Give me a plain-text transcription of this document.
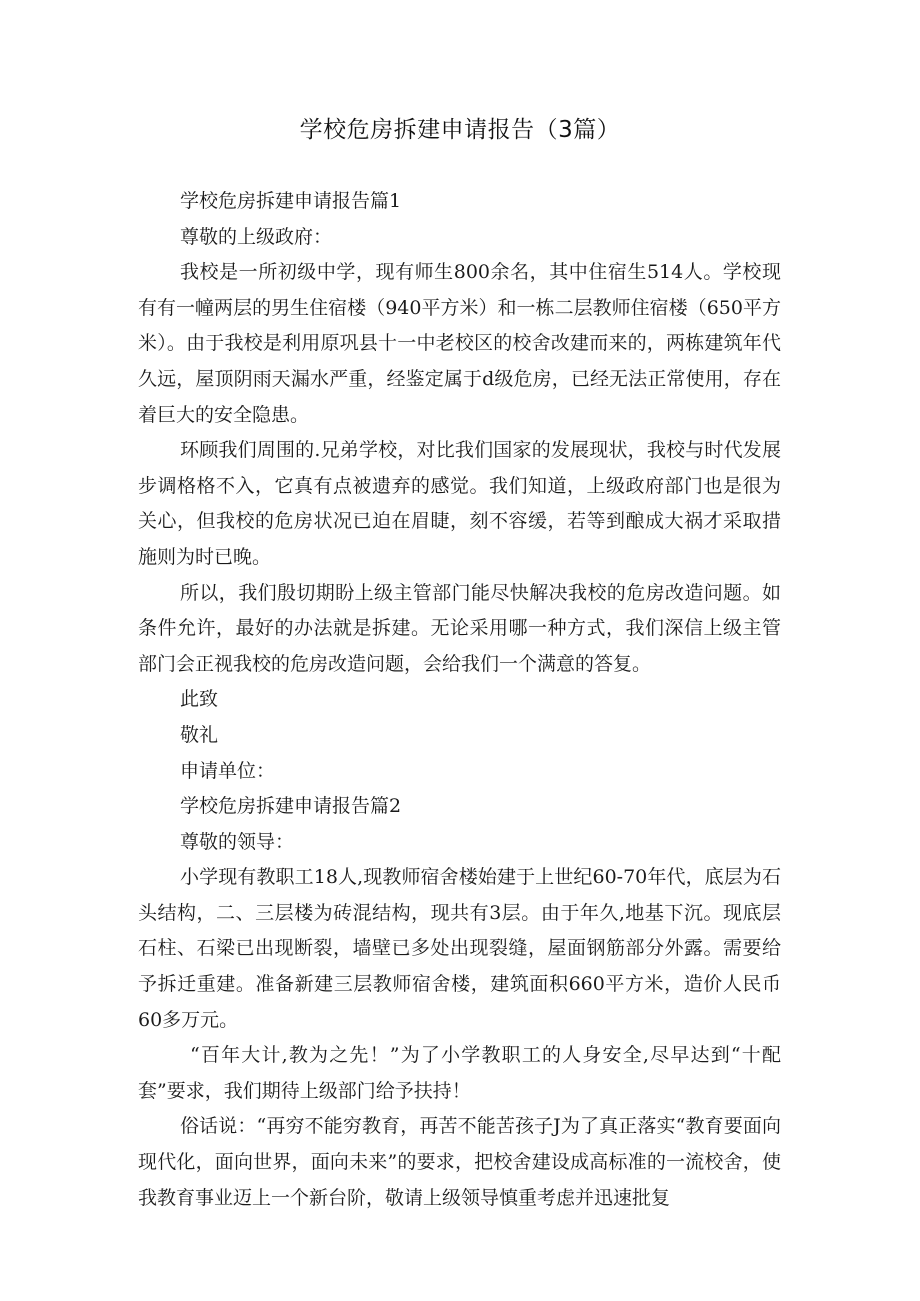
学校危房拆建申请报告（3篇）

学校危房拆建申请报告篇1

尊敬的上级政府：

我校是一所初级中学，现有师生800余名，其中住宿生514人。学校现有有一幢两层的男生住宿楼（940平方米）和一栋二层教师住宿楼（650平方米）。由于我校是利用原巩县十一中老校区的校舍改建而来的，两栋建筑年代久远，屋顶阴雨天漏水严重，经鉴定属于d级危房，已经无法正常使用，存在着巨大的安全隐患。

环顾我们周围的.兄弟学校，对比我们国家的发展现状，我校与时代发展步调格格不入，它真有点被遗弃的感觉。我们知道，上级政府部门也是很为关心，但我校的危房状况已迫在眉睫，刻不容缓，若等到酿成大祸才采取措施则为时已晚。

所以，我们殷切期盼上级主管部门能尽快解决我校的危房改造问题。如条件允许，最好的办法就是拆建。无论采用哪一种方式，我们深信上级主管部门会正视我校的危房改造问题，会给我们一个满意的答复。

此致

敬礼

申请单位：

学校危房拆建申请报告篇2

尊敬的领导：

小学现有教职工18人,现教师宿舍楼始建于上世纪60-70年代，底层为石头结构，二、三层楼为砖混结构，现共有3层。由于年久,地基下沉。现底层石柱、石梁已出现断裂，墙壁已多处出现裂缝，屋面钢筋部分外露。需要给予拆迁重建。准备新建三层教师宿舍楼，建筑面积660平方米，造价人民币60多万元。

“百年大计,教为之先！”为了小学教职工的人身安全,尽早达到“十配套”要求，我们期待上级部门给予扶持！

俗话说：“再穷不能穷教育，再苦不能苦孩子J为了真正落实“教育要面向现代化，面向世界，面向未来”的要求，把校舍建设成高标准的一流校舍，使我教育事业迈上一个新台阶，敬请上级领导慎重考虑并迅速批复
